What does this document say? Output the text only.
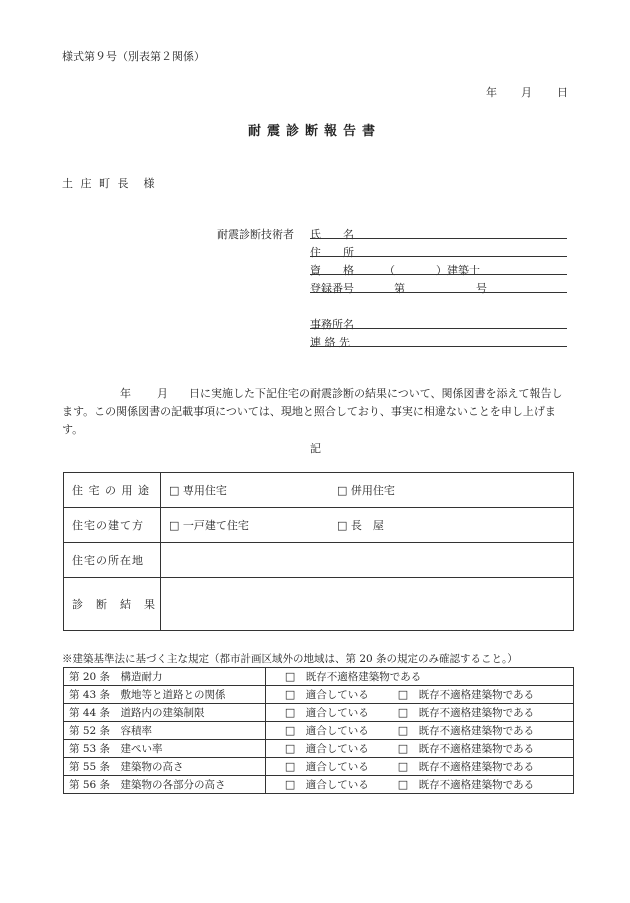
様式第９号（別表第２関係）
年 月 日
耐震診断報告書
土 庄 町 長　様
耐震診断技術者 氏　　名
住　　所
資　　格	（	）建築士
登録番号	第	号
事務所名
連 絡 先
年 月	日に実施した下記住宅の耐震診断の結果について、関係図書を添えて報告します。この関係図書の記載事項については、現地と照合しており、事実に相違ないことを申し上げます。
記
住 宅 の 用 途	□ 専用住宅 □ 併用住宅
住宅の建て方	□ 一戸建て住宅 □ 長　屋
住宅の所在地	
診　断　結　果	
※建築基準法に基づく主な規定（都市計画区域外の地域は、第 20 条の規定のみ確認すること。）
第 20 条　 構造耐力	　□　 既存不適格建築物である
第 43 条　 敷地等と道路との関係	　□　 適合している □　 既存不適格建築物である
第 44 条　 道路内の建築制限	　□　 適合している □　 既存不適格建築物である
第 52 条　 容積率	　□　 適合している □　 既存不適格建築物である
第 53 条　 建ぺい率	　□　 適合している □　 既存不適格建築物である
第 55 条　 建築物の高さ	　□　 適合している □　 既存不適格建築物である
第 56 条　 建築物の各部分の高さ	　□　 適合している □　 既存不適格建築物である
